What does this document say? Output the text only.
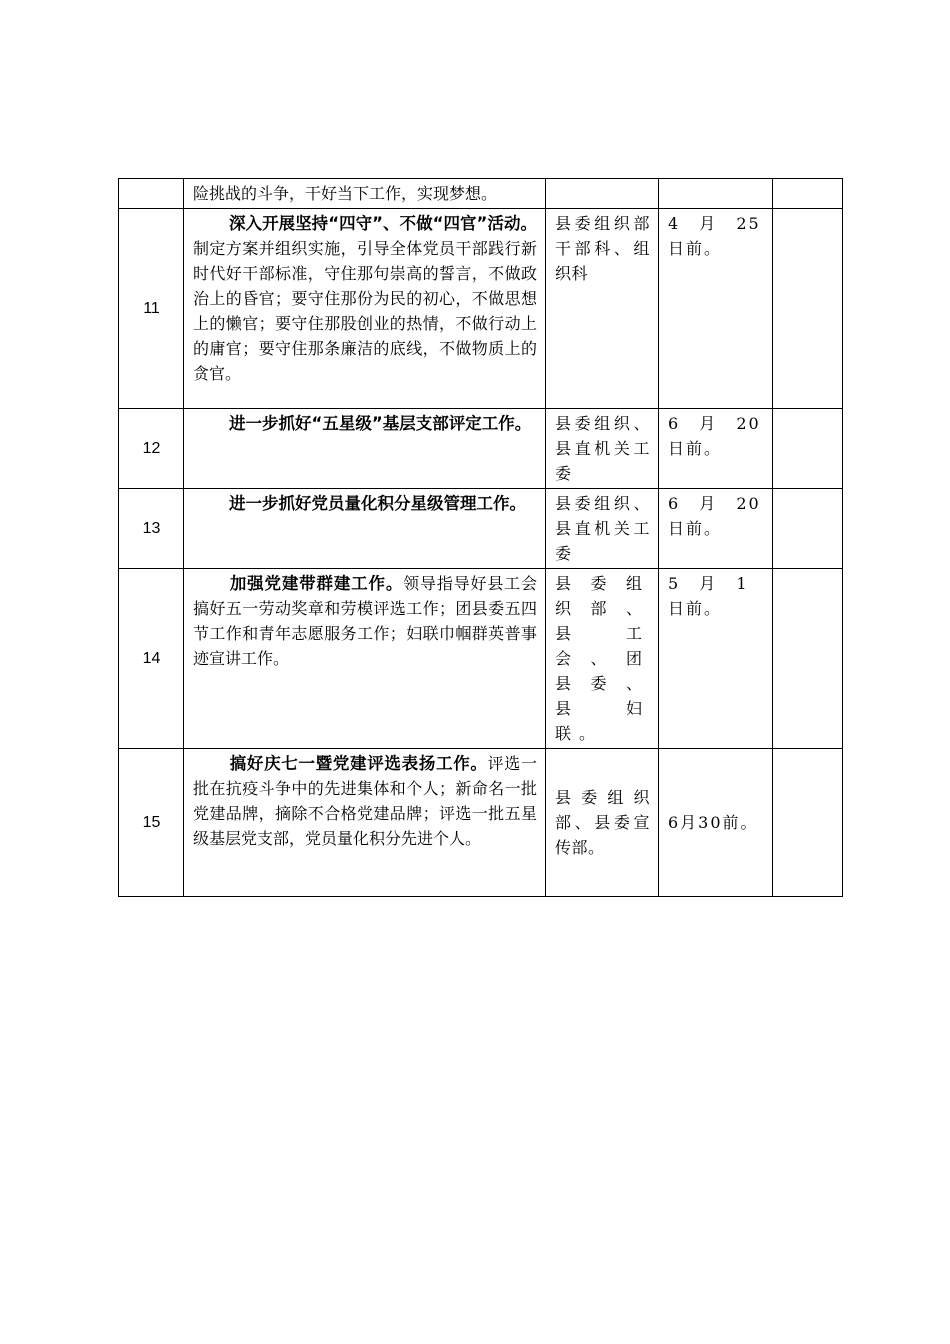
	险挑战的斗争，干好当下工作，实现梦想。			
11	深入开展坚持“四守”、不做“四官”活动。制定方案并组织实施，引导全体党员干部践行新时代好干部标准，守住那句崇高的誓言，不做政治上的昏官；要守住那份为民的初心，不做思想上的懒官；要守住那股创业的热情，不做行动上的庸官；要守住那条廉洁的底线，不做物质上的贪官。	县委组织部干部科、组织科	4 月 25 日前。	
12	进一步抓好“五星级”基层支部评定工作。	县委组织、县直机关工委	6 月 20 日前。	
13	进一步抓好党员量化积分星级管理工作。	县委组织、县直机关工委	6 月 20 日前。	
14	加强党建带群建工作。领导指导好县工会搞好五一劳动奖章和劳模评选工作；团县委五四节工作和青年志愿服务工作；妇联巾帼群英普事迹宣讲工作。	县委组织部、县工会、团县委、县妇联。	5 月 1 日前。	
15	搞好庆七一暨党建评选表扬工作。评选一批在抗疫斗争中的先进集体和个人；新命名一批党建品牌，摘除不合格党建品牌；评选一批五星级基层党支部，党员量化积分先进个人。	县委组织部、县委宣传部。	6月30前。	
